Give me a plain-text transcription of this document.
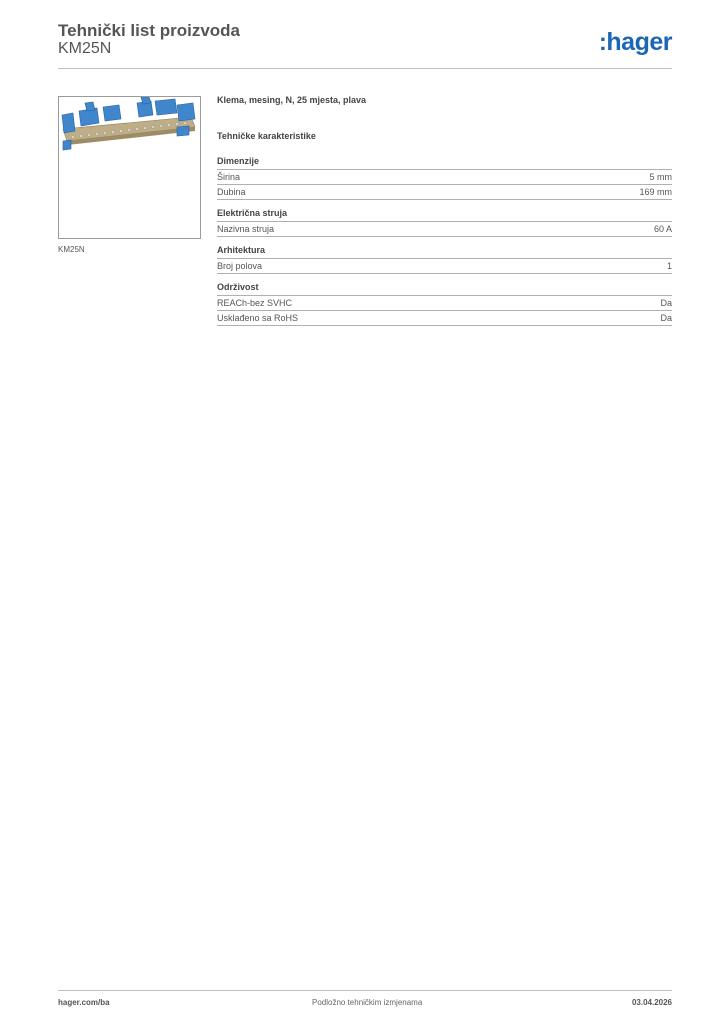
Tehnički list proizvoda
KM25N	:hager
KM25N
Klema, mesing, N, 25 mjesta, plava
Tehničke karakteristike
Dimenzije
Širina	5 mm
Dubina	169 mm
Električna struja
Nazivna struja	60 A
Arhitektura
Broj polova	1
Održivost
REACh-bez SVHC	Da
Usklađeno sa RoHS	Da
hager.com/ba	Podložno tehničkim izmjenama	03.04.2026
